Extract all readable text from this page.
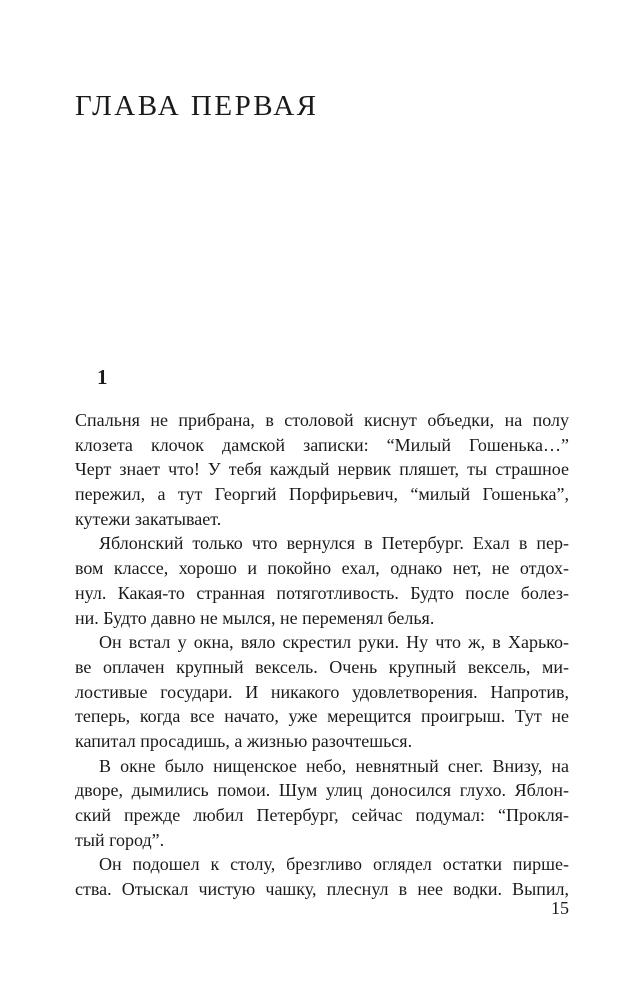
ГЛАВА ПЕРВАЯ
1
Спальня не прибрана, в столовой киснут объедки, на полу
клозета клочок дамской записки: “Милый Гошенька…”
Черт знает что! У тебя каждый нервик пляшет, ты страшное
пережил, а тут Георгий Порфирьевич, “милый Гошенька”,
кутежи закатывает.
Яблонский только что вернулся в Петербург. Ехал в пер-
вом классе, хорошо и покойно ехал, однако нет, не отдох-
нул. Какая-то странная потяготливость. Будто после болез-
ни. Будто давно не мылся, не переменял белья.
Он встал у окна, вяло скрестил руки. Ну что ж, в Харько-
ве оплачен крупный вексель. Очень крупный вексель, ми-
лостивые государи. И никакого удовлетворения. Напротив,
теперь, когда все начато, уже мерещится проигрыш. Тут не
капитал просадишь, а жизнью разочтешься.
В окне было нищенское небо, невнятный снег. Внизу, на
дворе, дымились помои. Шум улиц доносился глухо. Яблон-
ский прежде любил Петербург, сейчас подумал: “Прокля-
тый город”.
Он подошел к столу, брезгливо оглядел остатки пирше-
ства. Отыскал чистую чашку, плеснул в нее водки. Выпил,
15
